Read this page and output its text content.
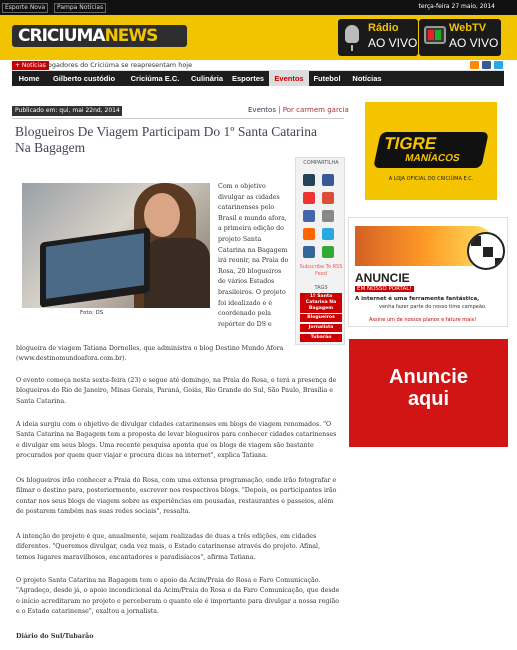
Esporte Nova	Pampa Notícias	terça-feira 27 maio, 2014
CRICIUMANEWS	Rádio
AO VIVO
WebTV
AO VIVO
+ Notícias Jogadores do Criciúma se reapresentam hoje
Home	Gilberto custódio	Criciúma E.C.	Culinária	Esportes	Eventos	Futebol	Notícias
Publicado em: qui, mai 22nd, 2014	Eventos | Por carmem garcia
Blogueiros De Viagem Participam Do 1º Santa Catarina Na Bagagem
Foto: DS
Com o objetivo divulgar as cidades catarinenses pelo Brasil e mundo afora, a primeira edição do projeto Santa Catarina na Bagagem irá reunir, na Praia do Rosa, 20 blogueiros de vários Estados brasileiros. O projeto foi idealizado e é coordenado pela repórter do DS e
COMPARTILHA
Subscribe To RSS Feed
TAGS
1º Santa Catarina Na Bagagem
Blogueiros
Jornalista
Tubarão
blogueira de viagem Tatiana Dornelles, que administra o blog Destino Mundo Afora (www.destinomundoafora.com.br).
O evento começa nesta sexta-feira (23) e segue até domingo, na Praia do Rosa, e terá a presença de blogueiros do Rio de Janeiro, Minas Gerais, Paraná, Goiás, Rio Grande do Sul, São Paulo, Brasília e Santa Catarina.
A ideia surgiu com o objetivo de divulgar cidades catarinenses em blogs de viagem renomados. "O Santa Catarina na Bagagem tem a proposta de levar blogueiros para conhecer cidades catarinenses e divulgar em seus blogs. Uma recente pesquisa aponta que os blogs de viagem são bastante procurados por quem quer viajar e procura dicas na internet", explica Tatiana.
Os blogueiros irão conhecer a Praia do Rosa, com uma extensa programação, onde irão fotografar e filmar o destino para, posteriormente, escrever nos respectivos blogs. "Depois, os participantes irão contar nos seus blogs de viagem sobre as experiências em pousadas, restaurantes e passeios, além de postarem também nas suas redes sociais", ressalta.
A intenção do projeto é que, anualmente, sejam realizadas de duas a três edições, em cidades diferentes. "Queremos divulgar, cada vez mais, o Estado catarinense através do projeto. Afinal, temos lugares maravilhosos, encantadores e paradisíacos", afirma Tatiana.
O projeto Santa Catarina na Bagagem tem o apoio da Acim/Praia do Rosa e Faro Comunicação. "Agradeço, desde já, o apoio incondicional da Acim/Praia do Rosa e da Faro Comunicação, que desde o início acreditaram no projeto e perceberam o quanto ele é importante para divulgar a nossa região e o Estado catarinense", exaltou a jornalista.
Diário do Sul/Tubarão
TIGRE
MANÍACOS
A LOJA OFICIAL DO CRICIÚMA E.C.
ANUNCIE
EM NOSSO PORTAL!
A internet é uma ferramenta fantástica,
venha fazer parte do nosso time campeão.
Assine um de nossos planos e fature mais!
Anuncie
aqui
